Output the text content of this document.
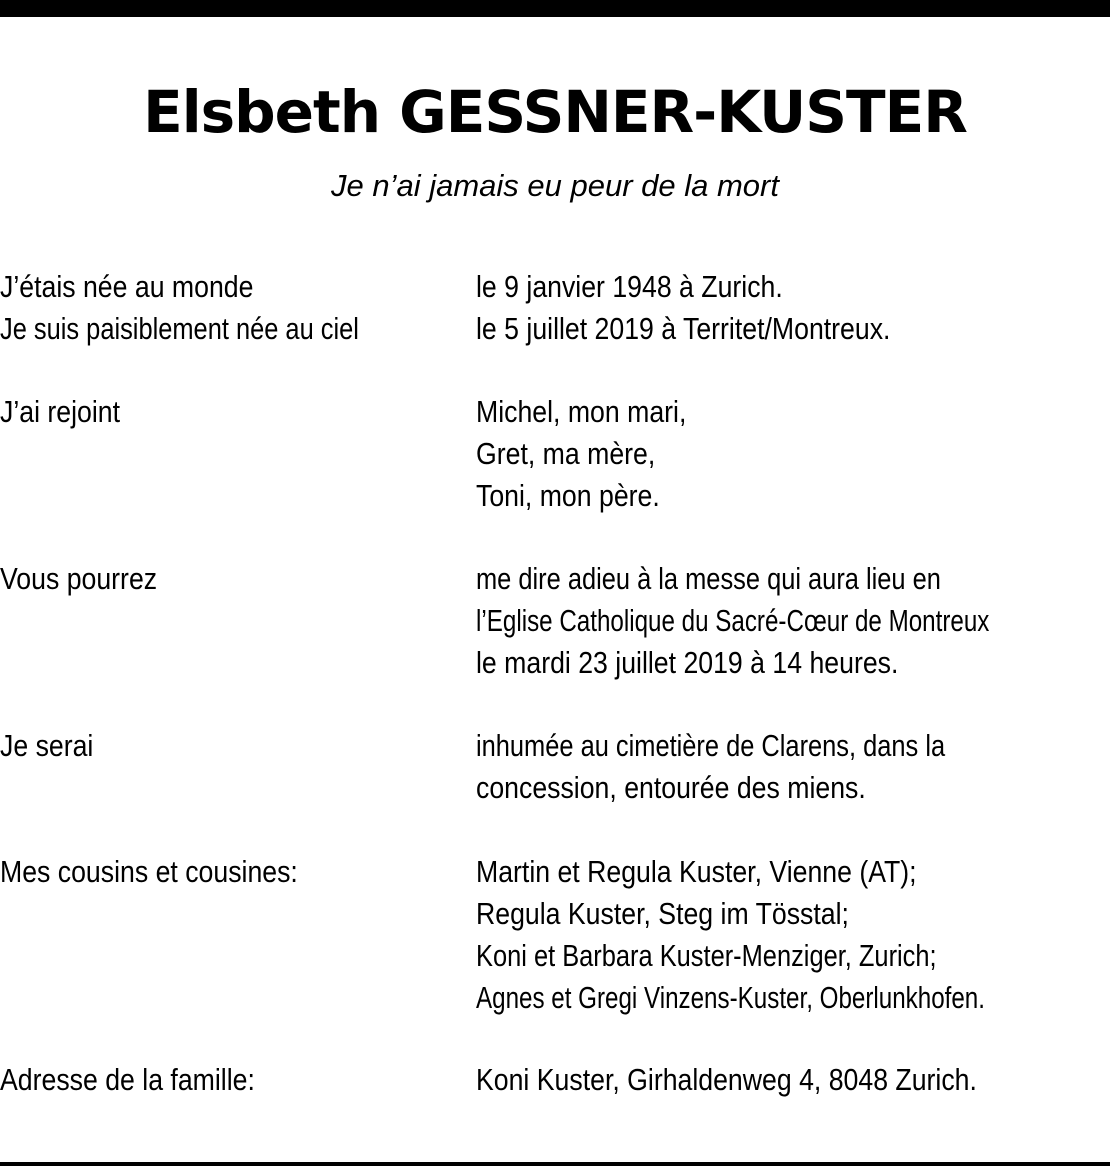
Elsbeth GESSNER-KUSTER
Je n’ai jamais eu peur de la mort
J’étais née au monde	le 9 janvier 1948 à Zurich.
Je suis paisiblement née au ciel	le 5 juillet 2019 à Territet/Montreux.
J’ai rejoint	Michel, mon mari,
Gret, ma mère,
Toni, mon père.
Vous pourrez	me dire adieu à la messe qui aura lieu en
l’Eglise Catholique du Sacré-Cœur de Montreux
le mardi 23 juillet 2019 à 14 heures.
Je serai	inhumée au cimetière de Clarens, dans la
concession, entourée des miens.
Mes cousins et cousines:	Martin et Regula Kuster, Vienne (AT);
Regula Kuster, Steg im Tösstal;
Koni et Barbara Kuster-Menziger, Zurich;
Agnes et Gregi Vinzens-Kuster, Oberlunkhofen.
Adresse de la famille:	Koni Kuster, Girhaldenweg 4, 8048 Zurich.
